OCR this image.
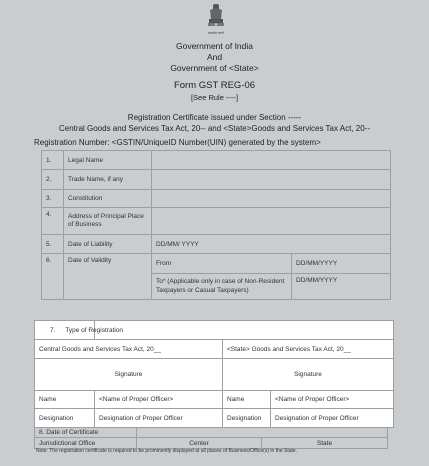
सत्यमेव जयते
Government of India
And
Government of <State>
Form GST REG-06
[See Rule ----]
Registration Certificate issued under Section -----
Central Goods and Services Tax Act, 20-- and <State>Goods and Services Tax Act, 20--
Registration Number: <GSTIN/UniqueID Number(UIN) generated by the system>
1.	Legal Name		
2.	Trade Name, if any		
3.	Constitution		
4.	Address of Principal Place of Business		
5.	Date of Liability	DD/MM/ YYYY	
6.	Date of Validity	From	DD/MM/YYYY
		To* (Applicable only in case of Non-Resident Taxpayers or Casual Taxpayers)	DD/MM/YYYY
7. Type of Registration			
Central Goods and Services Tax Act, 20__		<State> Goods and Services Tax Act, 20__	
Signature		Signature	
Name	<Name of Proper Officer>	Name	<Name of Proper Officer>
Designation	Designation of Proper Officer	Designation	Designation of Proper Officer
8. Date of Certificate		
Jurisdictional Office	Center	State
Note: The registration certificate is required to be prominently displayed at all places of Business/Office(s) in the State.
